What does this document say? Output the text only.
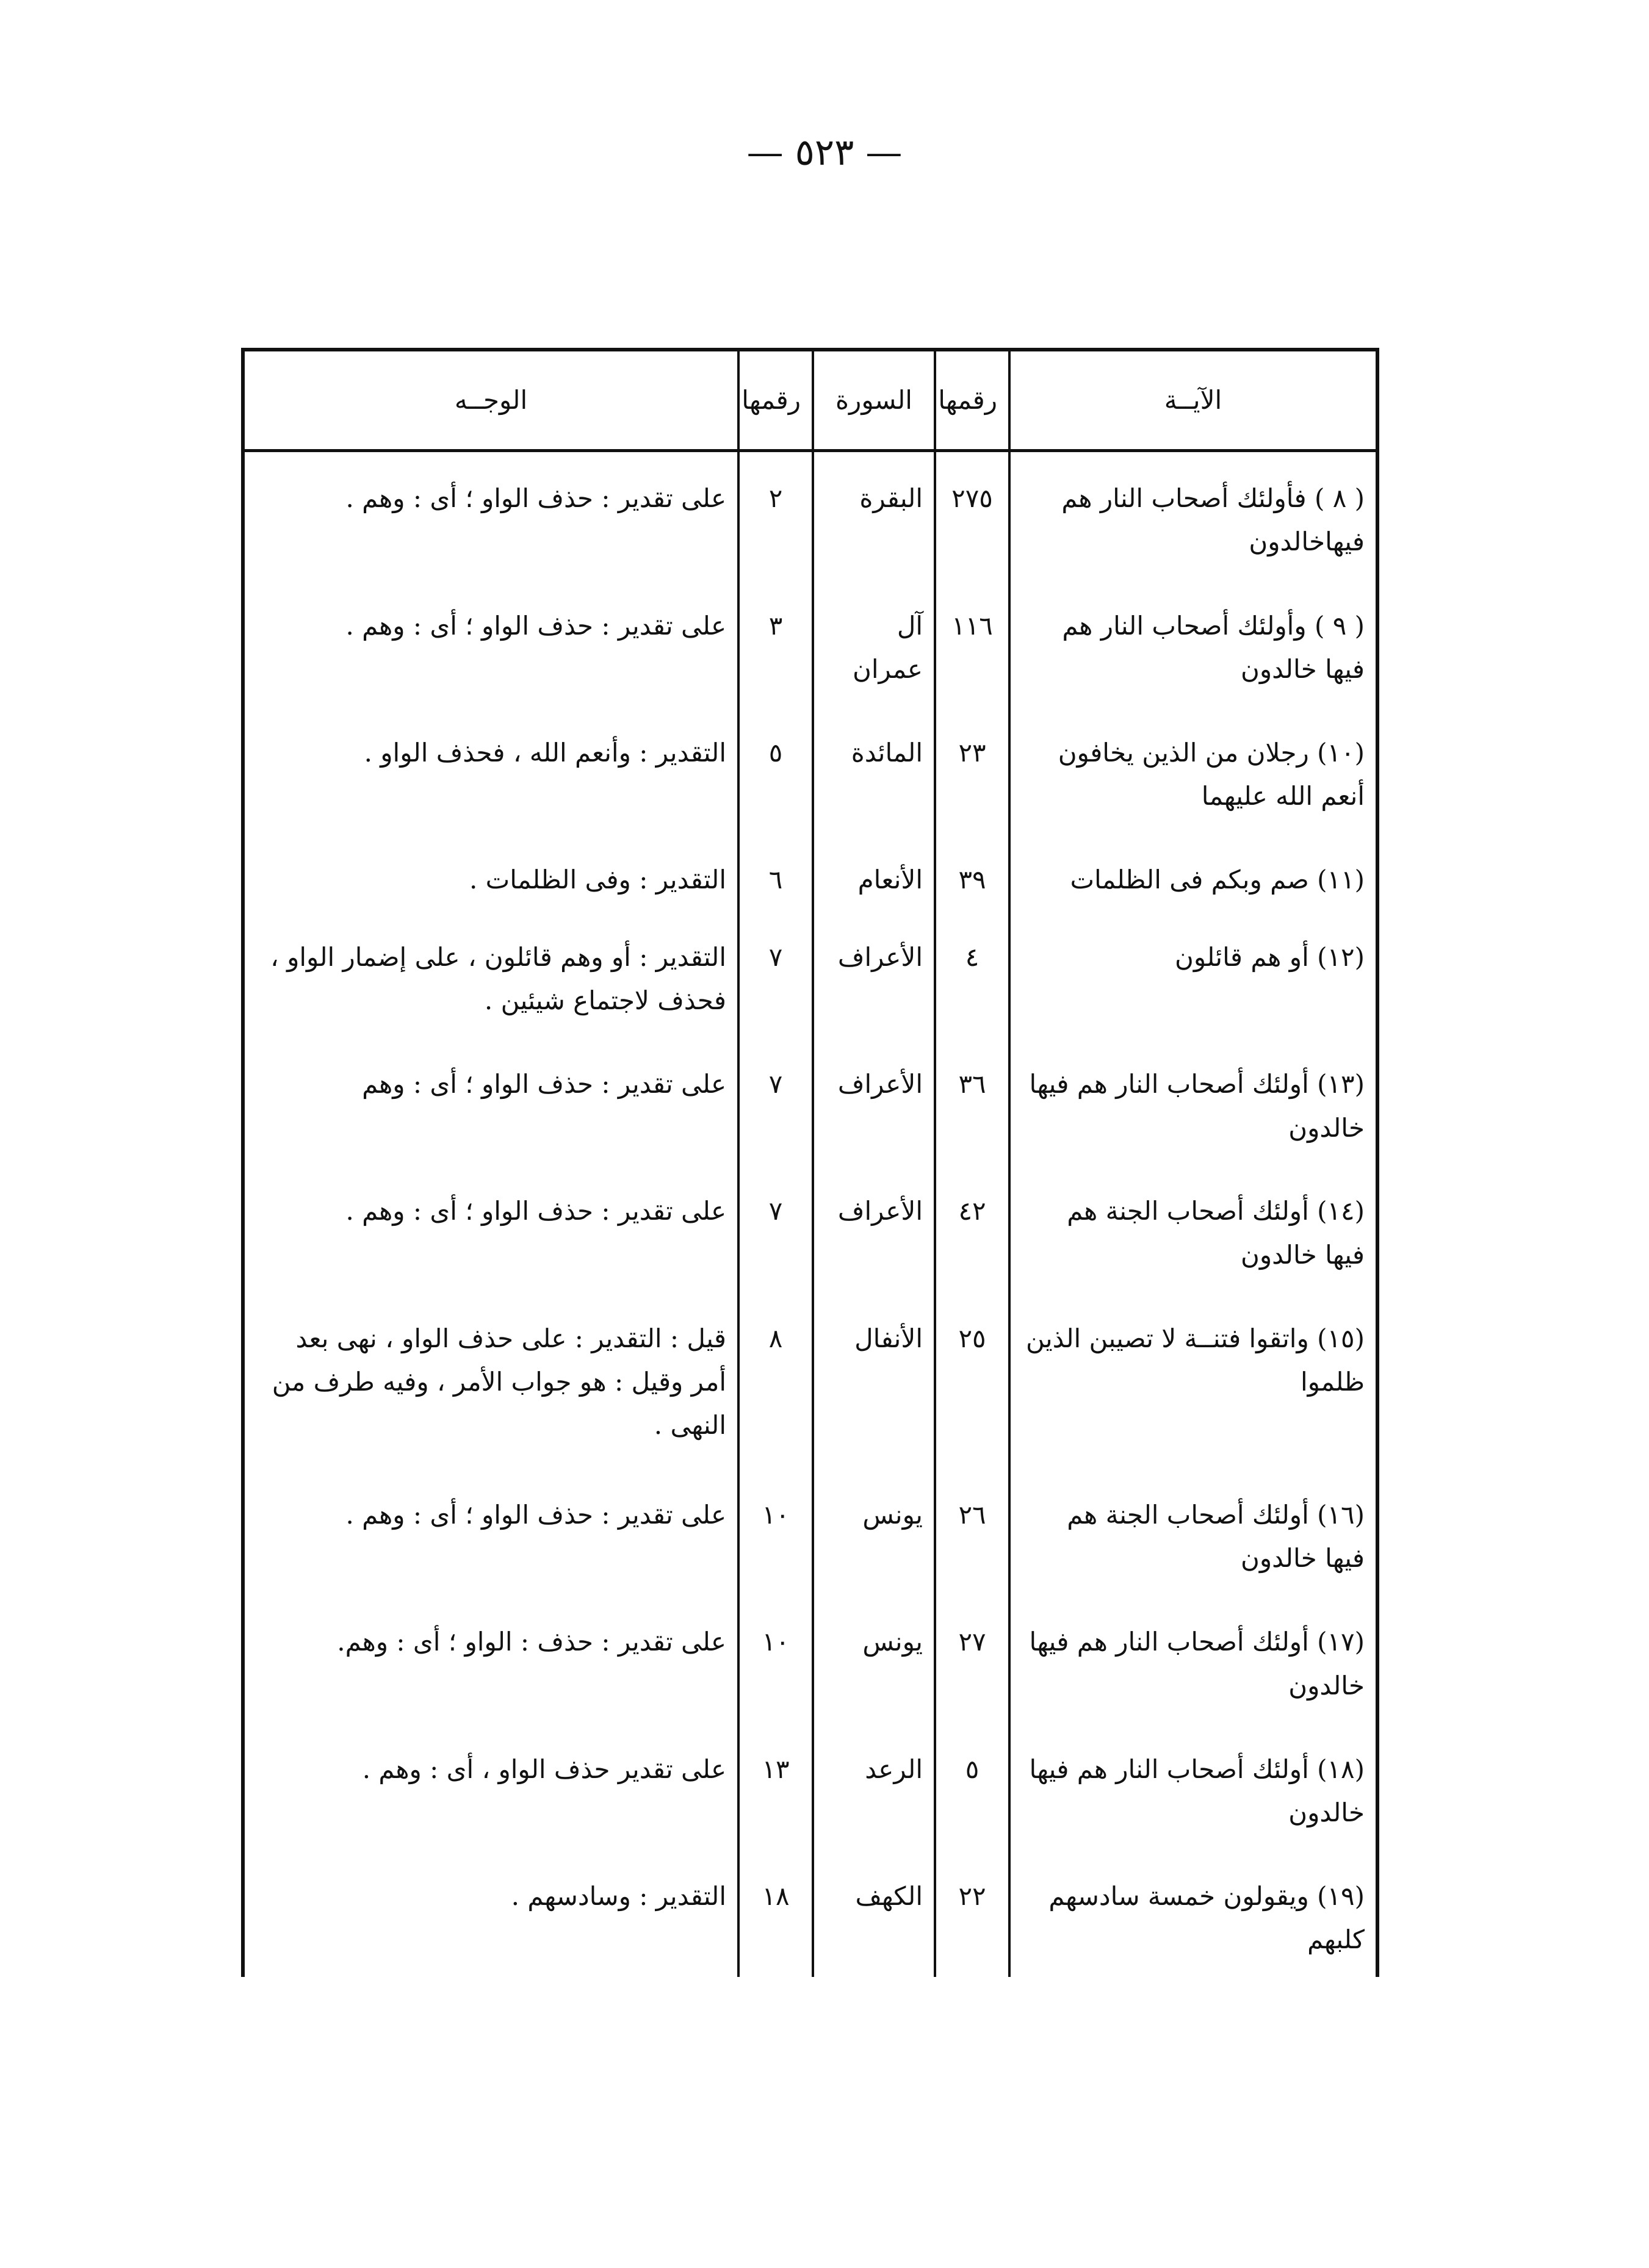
— ٥٢٣ —
الآيــة	رقمها	السورة	رقمها	الوجــه
( ٨ ) فأولئك أصحاب النار هم فيهاخالدون	٢٧٥	البقرة	٢	على تقدير : حذف الواو ؛ أى : وهم .
( ٩ ) وأولئك أصحاب النار هم فيها خالدون	١١٦	آل عمران	٣	على تقدير : حذف الواو ؛ أى : وهم .
(١٠) رجلان من الذين يخافون أنعم الله عليهما	٢٣	المائدة	٥	التقدير : وأنعم الله ، فحذف الواو .
(١١) صم وبكم فى الظلمات	٣٩	الأنعام	٦	التقدير : وفى الظلمات .
(١٢) أو هم قائلون	٤	الأعراف	٧	التقدير : أو وهم قائلون ، على إضمار الواو ، فحذف لاجتماع شيئين .
(١٣) أولئك أصحاب النار هم فيها خالدون	٣٦	الأعراف	٧	على تقدير : حذف الواو ؛ أى : وهم
(١٤) أولئك أصحاب الجنة هم فيها خالدون	٤٢	الأعراف	٧	على تقدير : حذف الواو ؛ أى : وهم .
(١٥) واتقوا فتنــة لا تصيبن الذين ظلموا	٢٥	الأنفال	٨	قيل : التقدير : على حذف الواو ، نهى بعد أمر وقيل : هو جواب الأمر ، وفيه طرف من النهى .
(١٦) أولئك أصحاب الجنة هم فيها خالدون	٢٦	يونس	١٠	على تقدير : حذف الواو ؛ أى : وهم .
(١٧) أولئك أصحاب النار هم فيها خالدون	٢٧	يونس	١٠	على تقدير : حذف : الواو ؛ أى : وهم.
(١٨) أولئك أصحاب النار هم فيها خالدون	٥	الرعد	١٣	على تقدير حذف الواو ، أى : وهم .
(١٩) ويقولون خمسة سادسهم كلبهم	٢٢	الكهف	١٨	التقدير : وسادسهم .
